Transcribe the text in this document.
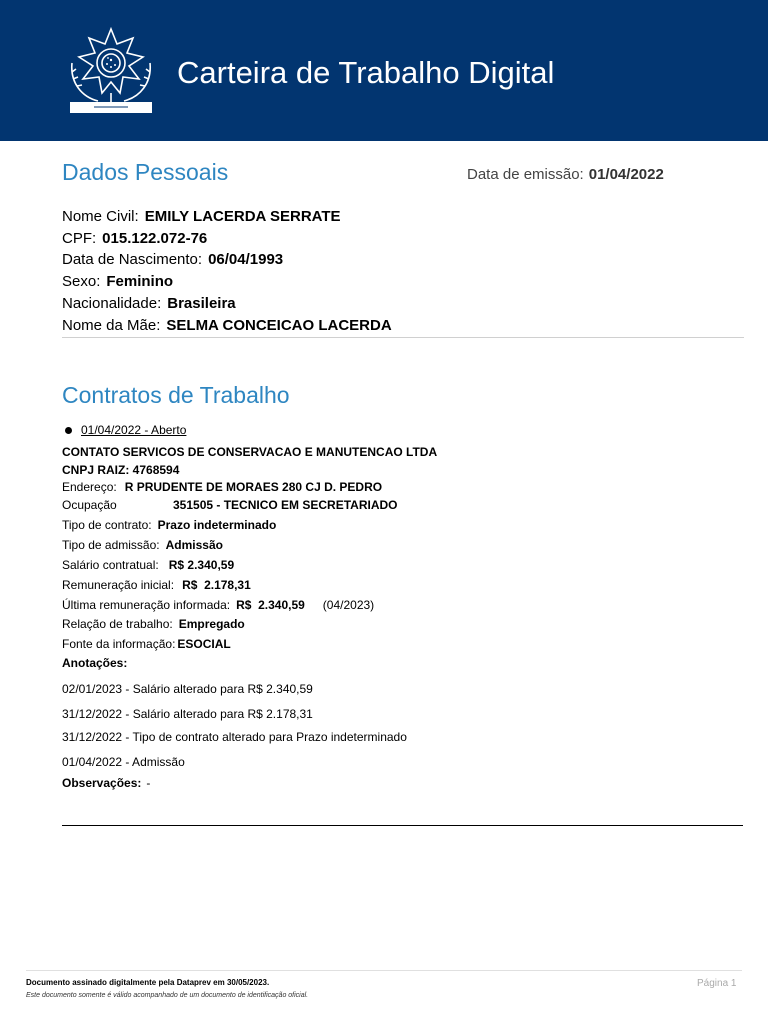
Carteira de Trabalho Digital
Dados Pessoais	Data de emissão: 01/04/2022
Nome Civil: EMILY LACERDA SERRATE
CPF: 015.122.072-76
Data de Nascimento: 06/04/1993
Sexo: Feminino
Nacionalidade: Brasileira
Nome da Mãe: SELMA CONCEICAO LACERDA
Contratos de Trabalho
01/04/2022 - Aberto
CONTATO SERVICOS DE CONSERVACAO E MANUTENCAO LTDA
CNPJ RAIZ: 4768594
Endereço: R PRUDENTE DE MORAES 280 CJ D. PEDRO
Ocupação	351505 - TECNICO EM SECRETARIADO
Tipo de contrato: Prazo indeterminado
Tipo de admissão: Admissão
Salário contratual: R$ 2.340,59
Remuneração inicial: R$  2.178,31
Última remuneração informada: R$  2.340,59 (04/2023)
Relação de trabalho: Empregado
Fonte da informação: ESOCIAL
Anotações:
02/01/2023 - Salário alterado para R$ 2.340,59
31/12/2022 - Salário alterado para R$ 2.178,31
31/12/2022 - Tipo de contrato alterado para Prazo indeterminado
01/04/2022 - Admissão
Observações: -
Documento assinado digitalmente pela Dataprev em 30/05/2023.
Este documento somente é válido acompanhado de um documento de identificação oficial.
Página 1
